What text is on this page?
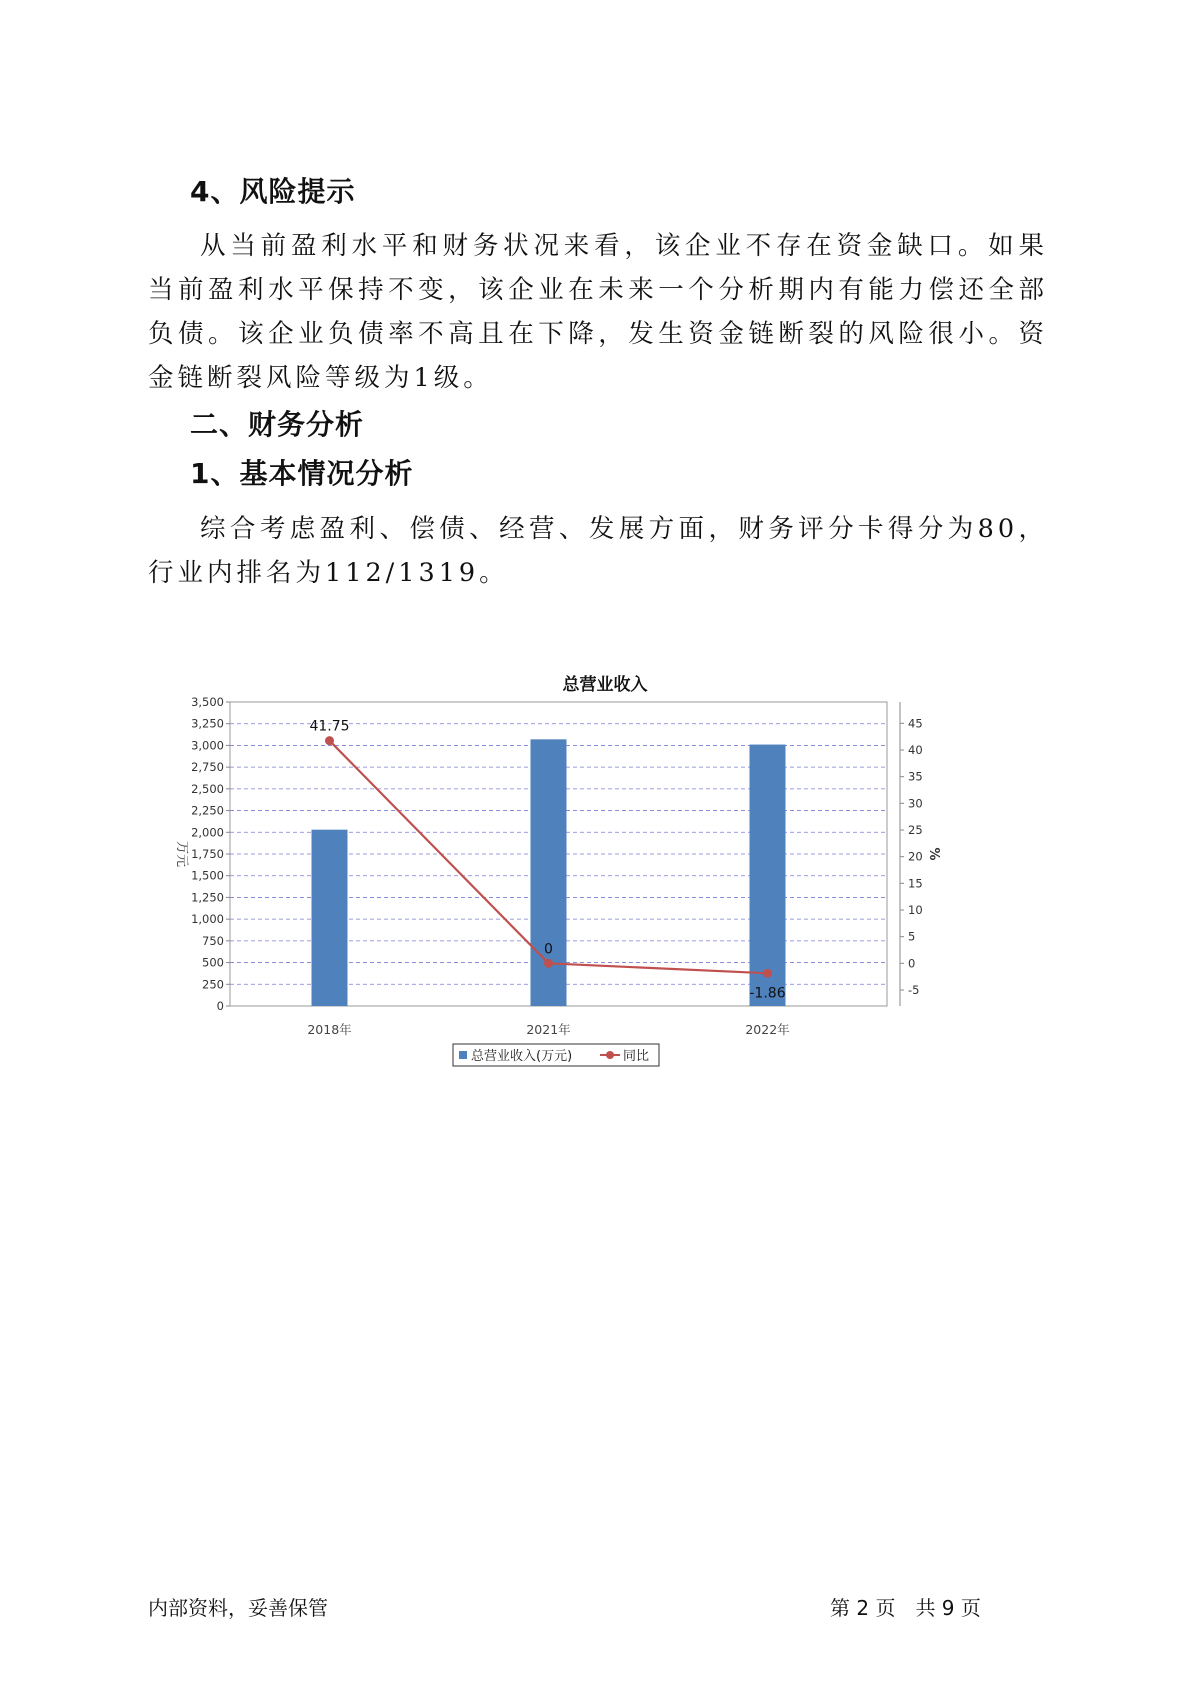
4、风险提示

从当前盈利水平和财务状况来看，该企业不存在资金缺口。如果当前盈利水平保持不变，该企业在未来一个分析期内有能力偿还全部负债。该企业负债率不高且在下降，发生资金链断裂的风险很小。资金链断裂风险等级为1级。

二、财务分析
1、基本情况分析

综合考虑盈利、偿债、经营、发展方面，财务评分卡得分为80，行业内排名为112/1319。

总营业收入
0
250
500
750
1,000
1,250
1,500
1,750
2,000
2,250
2,500
2,750
3,000
3,250
3,500
-5
0
5
10
15
20
25
30
35
40
45
万元	%
2018年	2021年	2022年
41.75
0
-1.86
总营业收入(万元)	同比
内部资料，妥善保管	第 2 页　共 9 页
